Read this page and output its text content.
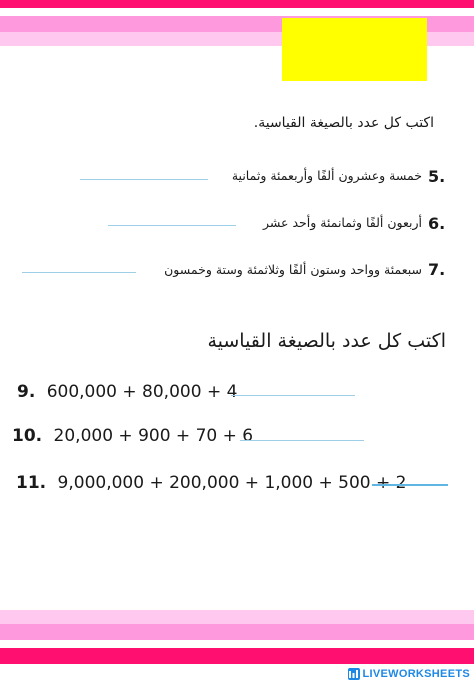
اكتب كل عدد بالصيغة القياسية.
5.
خمسة وعشرون ألفًا وأربعمئة وثمانية
6.
أربعون ألفًا وثمانمئة وأحد عشر
7.
سبعمئة وواحد وستون ألفًا وثلاثمئة وستة وخمسون
اكتب كل عدد بالصيغة القياسية
9. 600,000 + 80,000 + 4
10. 20,000 + 900 + 70 + 6
11. 9,000,000 + 200,000 + 1,000 + 500 + 2
LIVEWORKSHEETS
